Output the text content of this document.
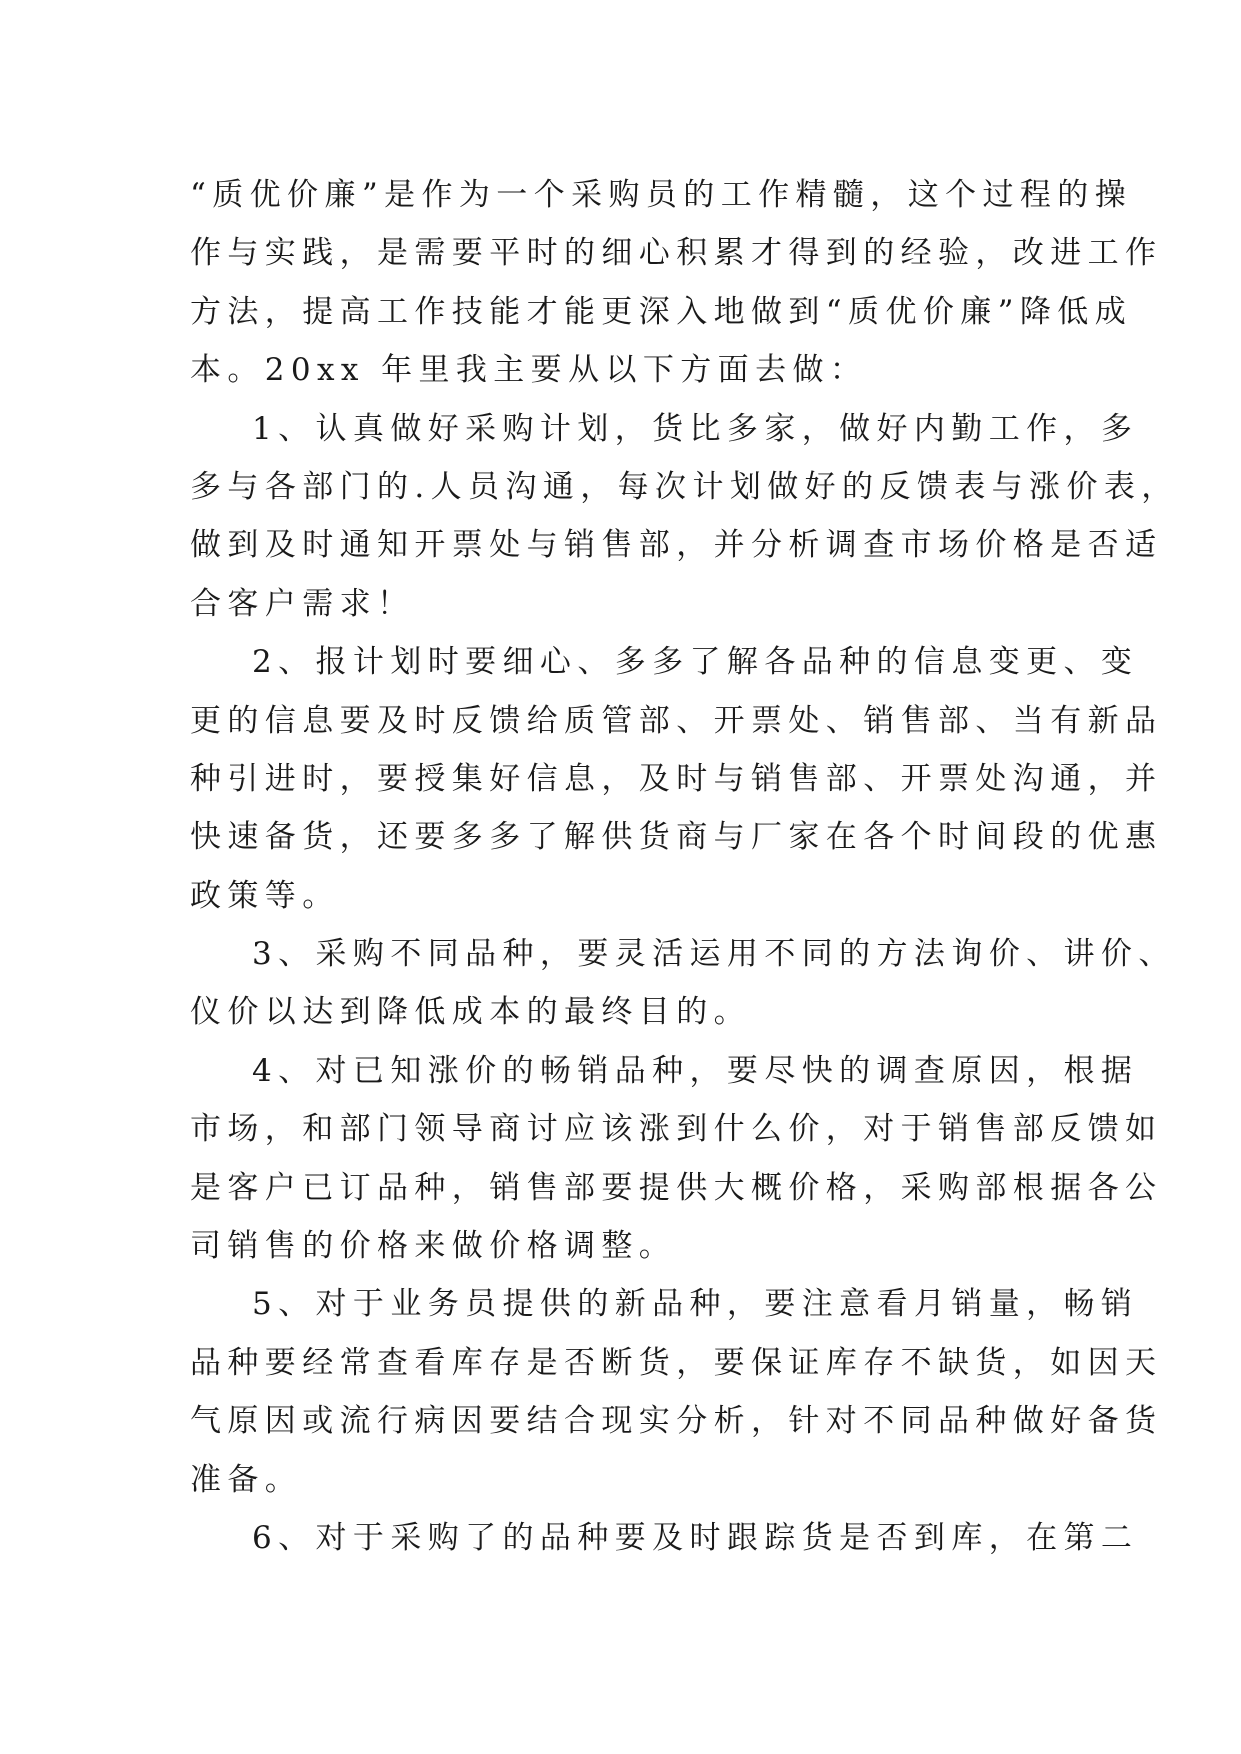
“质优价廉”是作为一个采购员的工作精髓，这个过程的操
作与实践，是需要平时的细心积累才得到的经验，改进工作
方法，提高工作技能才能更深入地做到“质优价廉”降低成
本。20xx 年里我主要从以下方面去做：
1、认真做好采购计划，货比多家，做好内勤工作，多
多与各部门的.人员沟通，每次计划做好的反馈表与涨价表，
做到及时通知开票处与销售部，并分析调查市场价格是否适
合客户需求！
2、报计划时要细心、多多了解各品种的信息变更、变
更的信息要及时反馈给质管部、开票处、销售部、当有新品
种引进时，要授集好信息，及时与销售部、开票处沟通，并
快速备货，还要多多了解供货商与厂家在各个时间段的优惠
政策等。
3、采购不同品种，要灵活运用不同的方法询价、讲价、
仪价以达到降低成本的最终目的。
4、对已知涨价的畅销品种，要尽快的调查原因，根据
市场，和部门领导商讨应该涨到什么价，对于销售部反馈如
是客户已订品种，销售部要提供大概价格，采购部根据各公
司销售的价格来做价格调整。
5、对于业务员提供的新品种，要注意看月销量，畅销
品种要经常查看库存是否断货，要保证库存不缺货，如因天
气原因或流行病因要结合现实分析，针对不同品种做好备货
准备。
6、对于采购了的品种要及时跟踪货是否到库，在第二
